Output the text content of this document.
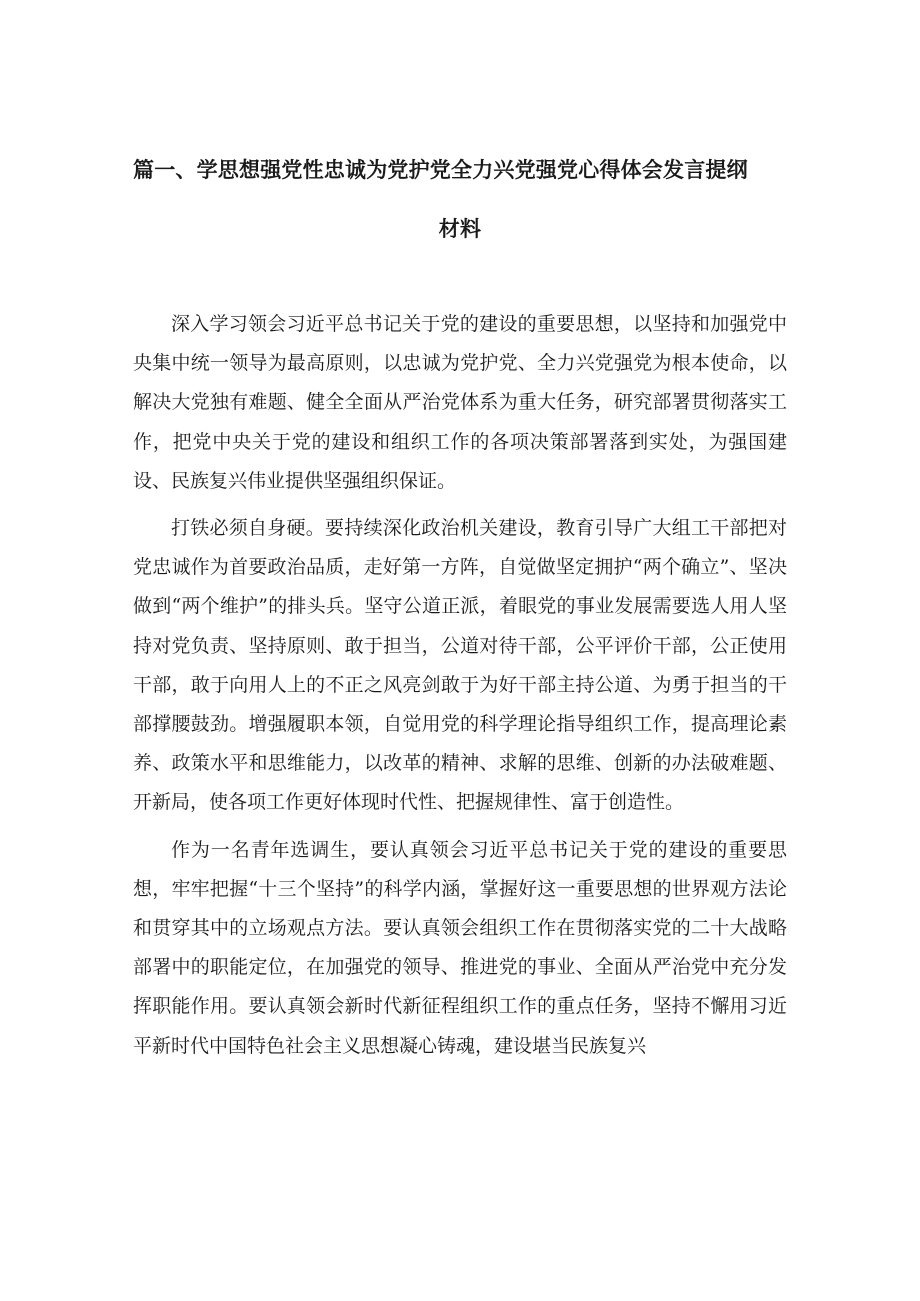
篇一、学思想强党性忠诚为党护党全力兴党强党心得体会发言提纲
材料

深入学习领会习近平总书记关于党的建设的重要思想，以坚持和加强党中央集中统一领导为最高原则，以忠诚为党护党、全力兴党强党为根本使命，以解决大党独有难题、健全全面从严治党体系为重大任务，研究部署贯彻落实工作，把党中央关于党的建设和组织工作的各项决策部署落到实处，为强国建设、民族复兴伟业提供坚强组织保证。

打铁必须自身硬。要持续深化政治机关建设，教育引导广大组工干部把对党忠诚作为首要政治品质，走好第一方阵，自觉做坚定拥护“两个确立”、坚决做到“两个维护”的排头兵。坚守公道正派，着眼党的事业发展需要选人用人坚持对党负责、坚持原则、敢于担当，公道对待干部，公平评价干部，公正使用干部，敢于向用人上的不正之风亮剑敢于为好干部主持公道、为勇于担当的干部撑腰鼓劲。增强履职本领，自觉用党的科学理论指导组织工作，提高理论素养、政策水平和思维能力，以改革的精神、求解的思维、创新的办法破难题、开新局，使各项工作更好体现时代性、把握规律性、富于创造性。

作为一名青年选调生，要认真领会习近平总书记关于党的建设的重要思想，牢牢把握“十三个坚持”的科学内涵，掌握好这一重要思想的世界观方法论和贯穿其中的立场观点方法。要认真领会组织工作在贯彻落实党的二十大战略部署中的职能定位，在加强党的领导、推进党的事业、全面从严治党中充分发挥职能作用。要认真领会新时代新征程组织工作的重点任务，坚持不懈用习近平新时代中国特色社会主义思想凝心铸魂，建设堪当民族复兴
